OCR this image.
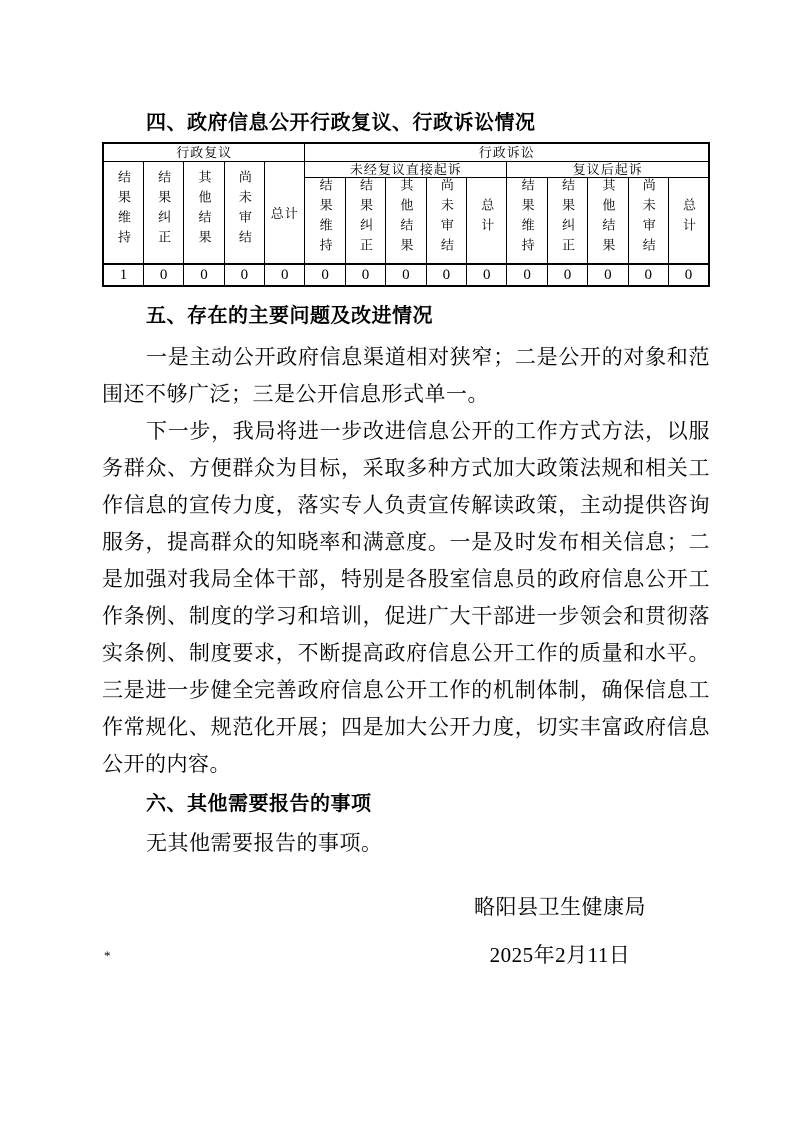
四、政府信息公开行政复议、行政诉讼情况
行政复议					行政诉讼									
结果维持	结果纠正	其他结果	尚未审结	总计	未经复议直接起诉					复议后起诉				
					结果维持	结果纠正	其他结果	尚未审结	总计	结果维持	结果纠正	其他结果	尚未审结	总计
1	0	0	0	0	0	0	0	0	0	0	0	0	0	0
五、存在的主要问题及改进情况

一是主动公开政府信息渠道相对狭窄；二是公开的对象和范围还不够广泛；三是公开信息形式单一。

下一步，我局将进一步改进信息公开的工作方式方法，以服务群众、方便群众为目标，采取多种方式加大政策法规和相关工作信息的宣传力度，落实专人负责宣传解读政策，主动提供咨询服务，提高群众的知晓率和满意度。一是及时发布相关信息；二是加强对我局全体干部，特别是各股室信息员的政府信息公开工作条例、制度的学习和培训，促进广大干部进一步领会和贯彻落实条例、制度要求，不断提高政府信息公开工作的质量和水平。三是进一步健全完善政府信息公开工作的机制体制，确保信息工作常规化、规范化开展；四是加大公开力度，切实丰富政府信息公开的内容。

六、其他需要报告的事项

无其他需要报告的事项。

略阳县卫生健康局
2025年2月11日
*
